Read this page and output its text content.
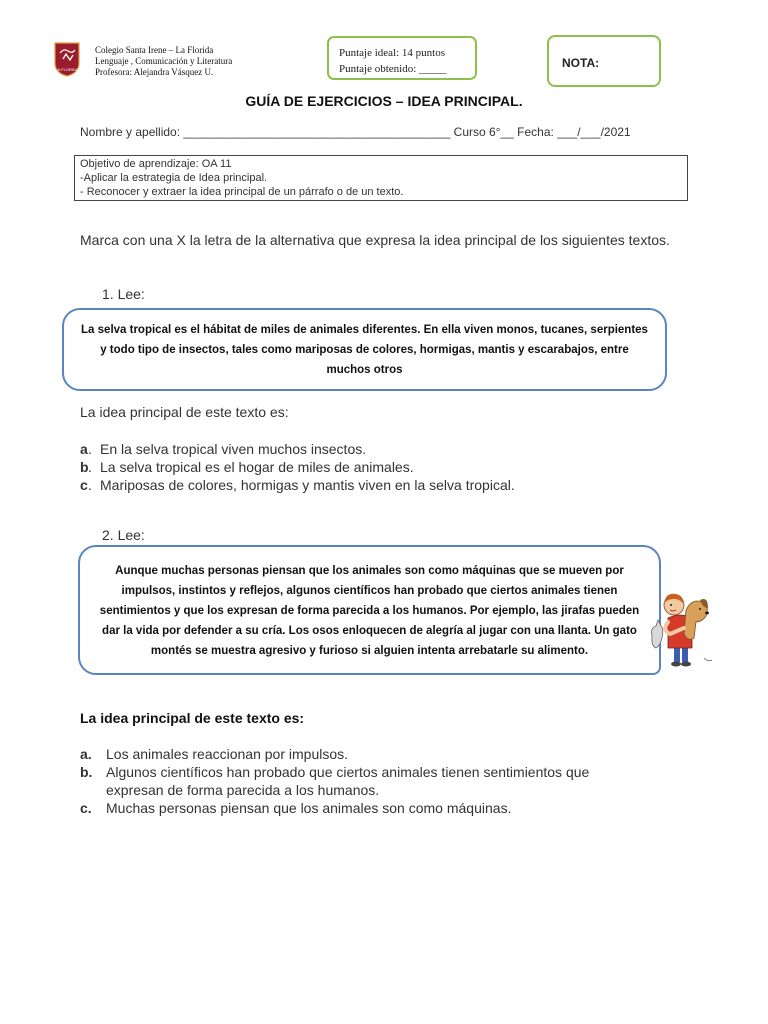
LA FLORIDA
Colegio Santa Irene – La Florida
Lenguaje , Comunicación y Literatura
Profesora: Alejandra Vásquez U.
Puntaje ideal: 14 puntos
Puntaje obtenido: _____	NOTA:
GUÍA DE EJERCICIOS – IDEA PRINCIPAL.
Nombre y apellido: ________________________________________ Curso 6°__ Fecha: ___/___/2021
Objetivo de aprendizaje: OA 11
-Aplicar la estrategia de Idea principal.
- Reconocer y extraer la idea principal de un párrafo o de un texto.
Marca con una X la letra de la alternativa que expresa la idea principal de los siguientes textos.
1. Lee:
La selva tropical es el hábitat de miles de animales diferentes. En ella viven monos, tucanes, serpientes y todo tipo de insectos, tales como mariposas de colores, hormigas, mantis y escarabajos, entre muchos otros
La idea principal de este texto es:
a . En la selva tropical viven muchos insectos.
b . La selva tropical es el hogar de miles de animales.
c . Mariposas de colores, hormigas y mantis viven en la selva tropical.
2. Lee:
Aunque muchas personas piensan que los animales son como máquinas que se mueven por impulsos, instintos y reflejos, algunos científicos han probado que ciertos animales tienen sentimientos y que los expresan de forma parecida a los humanos. Por ejemplo, las jirafas pueden dar la vida por defender a su cría. Los osos enloquecen de alegría al jugar con una llanta. Un gato montés se muestra agresivo y furioso si alguien intenta arrebatarle su alimento.
La idea principal de este texto es:
a. Los animales reaccionan por impulsos.
b. Algunos científicos han probado que ciertos animales tienen sentimientos que expresan de forma parecida a los humanos.
c. Muchas personas piensan que los animales son como máquinas.
